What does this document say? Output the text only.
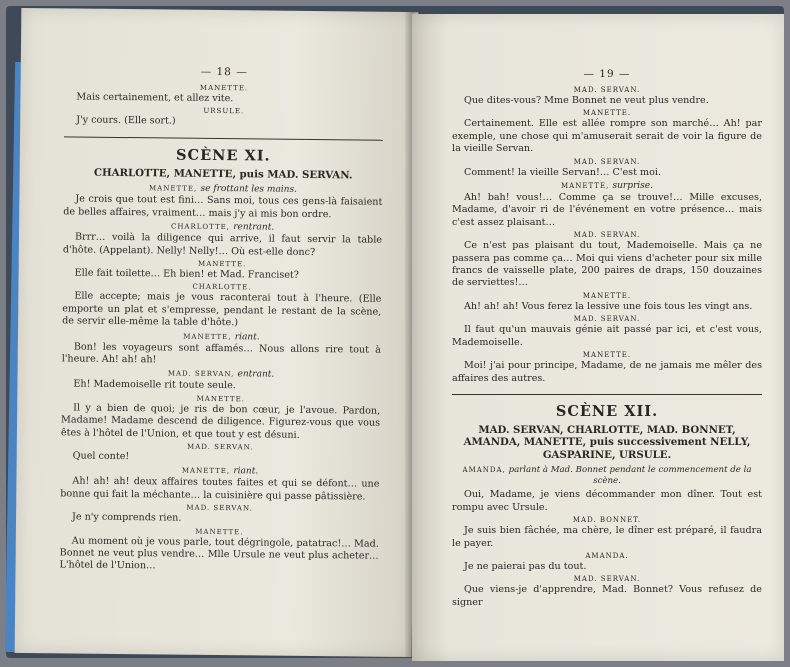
— 18 —
MANETTE.

Mais certainement, et allez vite.

URSULE.

J'y cours. (Elle sort.)

SCÈNE XI.
CHARLOTTE, MANETTE, puis MAD. SERVAN.
MANETTE, se frottant les mains.

Je crois que tout est fini… Sans moi, tous ces gens-là faisaient de belles affaires, vraiment… mais j'y ai mis bon ordre.

CHARLOTTE, rentrant.

Brrr… voilà la diligence qui arrive, il faut servir la table d'hôte. (Appelant). Nelly! Nelly!… Où est-elle donc?

MANETTE.

Elle fait toilette… Eh bien! et Mad. Franciset?

CHARLOTTE.

Elle accepte; mais je vous raconterai tout à l'heure. (Elle emporte un plat et s'empresse, pendant le restant de la scène, de servir elle-même la table d'hôte.)

MANETTE, riant.

Bon! les voyageurs sont affamés… Nous allons rire tout à l'heure. Ah! ah! ah!

MAD. SERVAN, entrant.

Eh! Mademoiselle rit toute seule.

MANETTE.

Il y a bien de quoi; je ris de bon cœur, je l'avoue. Pardon, Madame! Madame descend de diligence. Figurez-vous que vous êtes à l'hôtel de l'Union, et que tout y est désuni.

MAD. SERVAN.

Quel conte!

MANETTE, riant.

Ah! ah! ah! deux affaires toutes faites et qui se défont… une bonne qui fait la méchante… la cuisinière qui passe pâtissière.

MAD. SERVAN.

Je n'y comprends rien.

MANETTE.

Au moment où je vous parle, tout dégringole, patatrac!… Mad. Bonnet ne veut plus vendre… Mlle Ursule ne veut plus acheter… L'hôtel de l'Union…

— 19 —
MAD. SERVAN.

Que dites-vous? Mme Bonnet ne veut plus vendre.

MANETTE.

Certainement. Elle est allée rompre son marché… Ah! par exemple, une chose qui m'amuserait serait de voir la figure de la vieille Servan.

MAD. SERVAN.

Comment! la vieille Servan!… C'est moi.

MANETTE, surprise.

Ah! bah! vous!… Comme ça se trouve!… Mille excuses, Madame, d'avoir ri de l'événement en votre présence… mais c'est assez plaisant…

MAD. SERVAN.

Ce n'est pas plaisant du tout, Mademoiselle. Mais ça ne passera pas comme ça… Moi qui viens d'acheter pour six mille francs de vaisselle plate, 200 paires de draps, 150 douzaines de serviettes!…

MANETTE.

Ah! ah! ah! Vous ferez la lessive une fois tous les vingt ans.

MAD. SERVAN.

Il faut qu'un mauvais génie ait passé par ici, et c'est vous, Mademoiselle.

MANETTE.

Moi! j'ai pour principe, Madame, de ne jamais me mêler des affaires des autres.

SCÈNE XII.
MAD. SERVAN, CHARLOTTE, MAD. BONNET, AMANDA, MANETTE, puis successivement NELLY, GASPARINE, URSULE.
AMANDA, parlant à Mad. Bonnet pendant le commencement de la scène.

Oui, Madame, je viens décommander mon dîner. Tout est rompu avec Ursule.

MAD. BONNET.

Je suis bien fâchée, ma chère, le dîner est préparé, il faudra le payer.

AMANDA.

Je ne paierai pas du tout.

MAD. SERVAN.

Que viens-je d'apprendre, Mad. Bonnet? Vous refusez de signer
